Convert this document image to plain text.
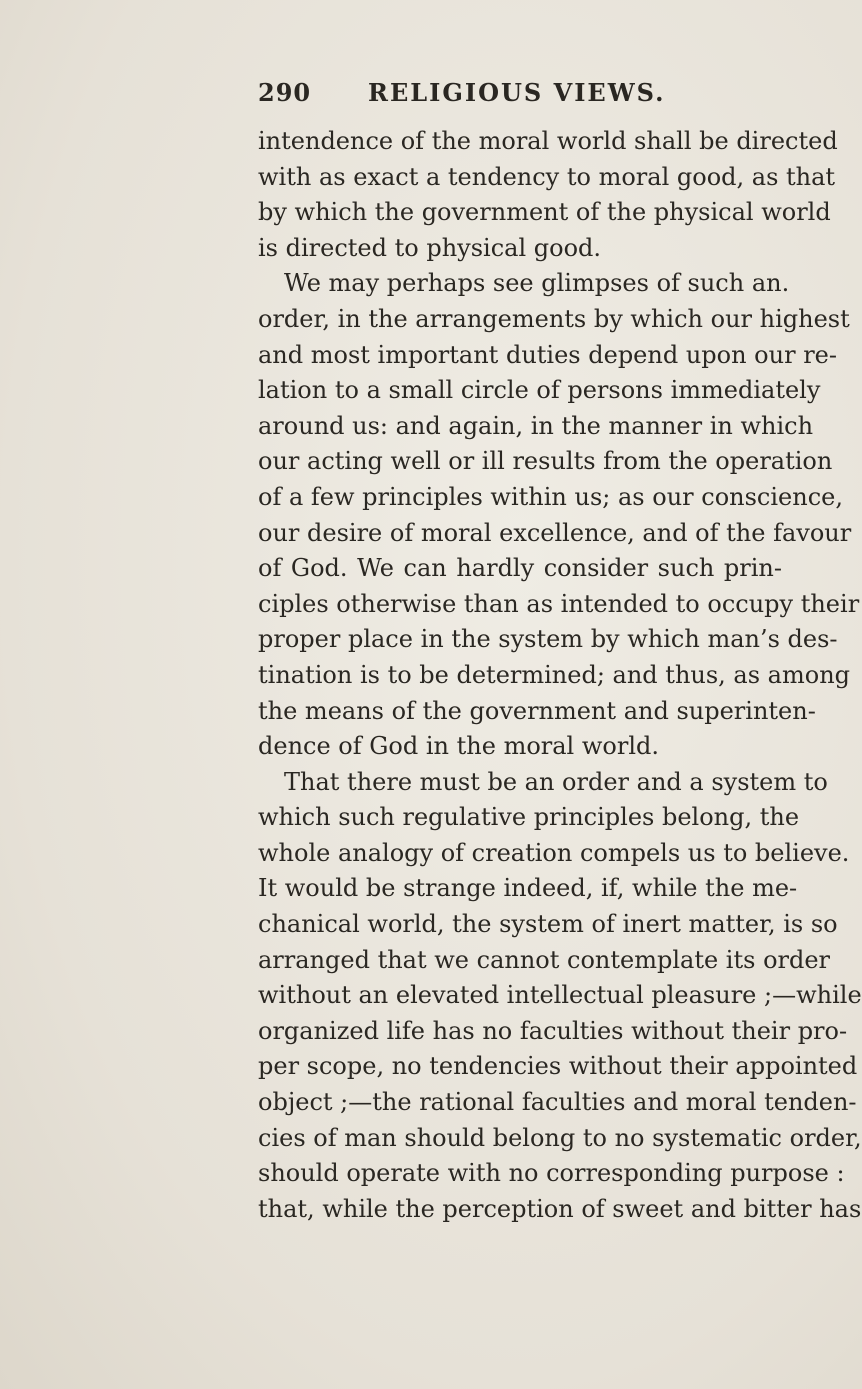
290 RELIGIOUS VIEWS.
intendence of the moral world shall be directed
with as exact a tendency to moral good, as that
by which the government of the physical world
is directed to physical good.
We may perhaps see glimpses of such an.
order, in the arrangements by which our highest
and most important duties depend upon our re-
lation to a small circle of persons immediately
around us: and again, in the manner in which
our acting well or ill results from the operation
of a few principles within us; as our conscience,
our desire of moral excellence, and of the favour
of God. We can hardly consider such prin-
ciples otherwise than as intended to occupy their
proper place in the system by which man’s des-
tination is to be determined; and thus, as among
the means of the government and superinten-
dence of God in the moral world.
That there must be an order and a system to
which such regulative principles belong, the
whole analogy of creation compels us to believe.
It would be strange indeed, if, while the me-
chanical world, the system of inert matter, is so
arranged that we cannot contemplate its order
without an elevated intellectual pleasure ;—while
organized life has no faculties without their pro-
per scope, no tendencies without their appointed
object ;—the rational faculties and moral tenden-
cies of man should belong to no systematic order,
should operate with no corresponding purpose :
that, while the perception of sweet and bitter has
